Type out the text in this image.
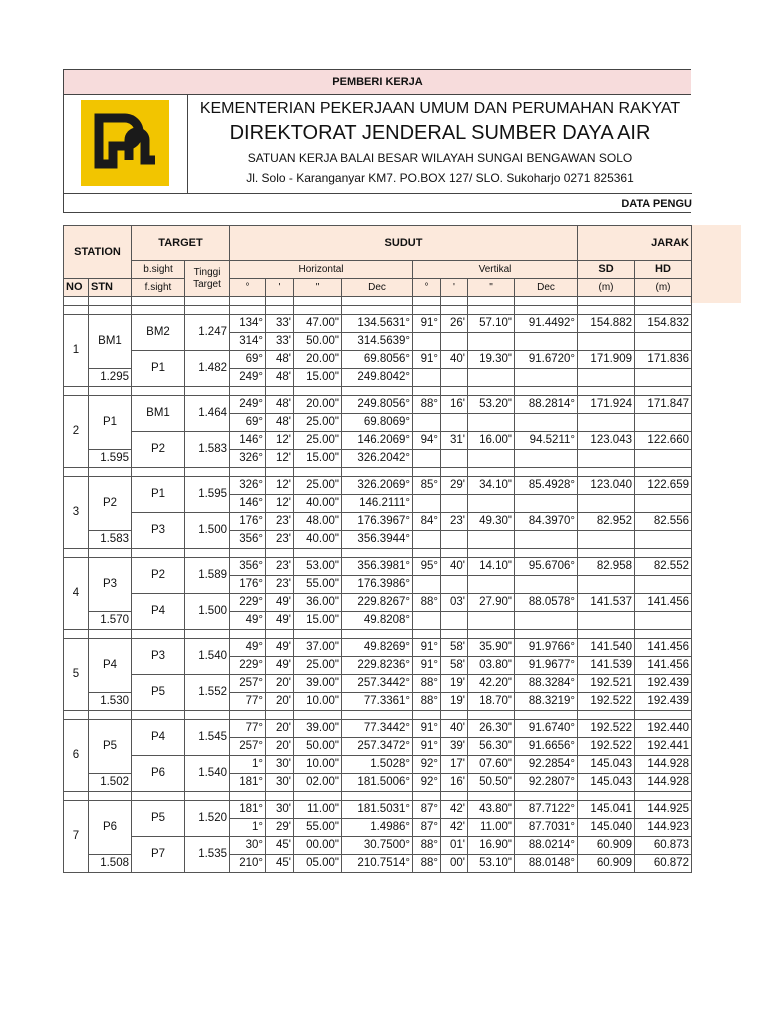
PEMBERI KERJA
KEMENTERIAN PEKERJAAN UMUM DAN PERUMAHAN RAKYAT
DIREKTORAT JENDERAL SUMBER DAYA AIR
SATUAN KERJA BALAI BESAR WILAYAH SUNGAI BENGAWAN SOLO
Jl. Solo - Karanganyar KM7. PO.BOX 127/ SLO. Sukoharjo 0271 825361
DATA PENGU
STATION		TARGET		SUDUT								JARAK	
		b.sight	Tinggi
Target	Horizontal				Vertikal				SD	HD
NO	STN	f.sight		°	'	"	Dec	°	'	"	Dec	(m)	(m)

1	BM1	BM2	1.247	134°	33'	47.00"	134.5631°	91°	26'	57.10"	91.4492°	154.882	154.832
				314°	33'	50.00"	314.5639°						
		P1	1.482	69°	48'	20.00"	69.8056°	91°	40'	19.30"	91.6720°	171.909	171.836
	1.295			249°	48'	15.00"	249.8042°						

2	P1	BM1	1.464	249°	48'	20.00"	249.8056°	88°	16'	53.20"	88.2814°	171.924	171.847
				69°	48'	25.00"	69.8069°						
		P2	1.583	146°	12'	25.00"	146.2069°	94°	31'	16.00"	94.5211°	123.043	122.660
	1.595			326°	12'	15.00"	326.2042°						

3	P2	P1	1.595	326°	12'	25.00"	326.2069°	85°	29'	34.10"	85.4928°	123.040	122.659
				146°	12'	40.00"	146.2111°						
		P3	1.500	176°	23'	48.00"	176.3967°	84°	23'	49.30"	84.3970°	82.952	82.556
	1.583			356°	23'	40.00"	356.3944°						

4	P3	P2	1.589	356°	23'	53.00"	356.3981°	95°	40'	14.10"	95.6706°	82.958	82.552
				176°	23'	55.00"	176.3986°						
		P4	1.500	229°	49'	36.00"	229.8267°	88°	03'	27.90"	88.0578°	141.537	141.456
	1.570			49°	49'	15.00"	49.8208°						

5	P4	P3	1.540	49°	49'	37.00"	49.8269°	91°	58'	35.90"	91.9766°	141.540	141.456
				229°	49'	25.00"	229.8236°	91°	58'	03.80"	91.9677°	141.539	141.456
		P5	1.552	257°	20'	39.00"	257.3442°	88°	19'	42.20"	88.3284°	192.521	192.439
	1.530			77°	20'	10.00"	77.3361°	88°	19'	18.70"	88.3219°	192.522	192.439

6	P5	P4	1.545	77°	20'	39.00"	77.3442°	91°	40'	26.30"	91.6740°	192.522	192.440
				257°	20'	50.00"	257.3472°	91°	39'	56.30"	91.6656°	192.522	192.441
		P6	1.540	1°	30'	10.00"	1.5028°	92°	17'	07.60"	92.2854°	145.043	144.928
	1.502			181°	30'	02.00"	181.5006°	92°	16'	50.50"	92.2807°	145.043	144.928

7	P6	P5	1.520	181°	30'	11.00"	181.5031°	87°	42'	43.80"	87.7122°	145.041	144.925
				1°	29'	55.00"	1.4986°	87°	42'	11.00"	87.7031°	145.040	144.923
		P7	1.535	30°	45'	00.00"	30.7500°	88°	01'	16.90"	88.0214°	60.909	60.873
	1.508			210°	45'	05.00"	210.7514°	88°	00'	53.10"	88.0148°	60.909	60.872
